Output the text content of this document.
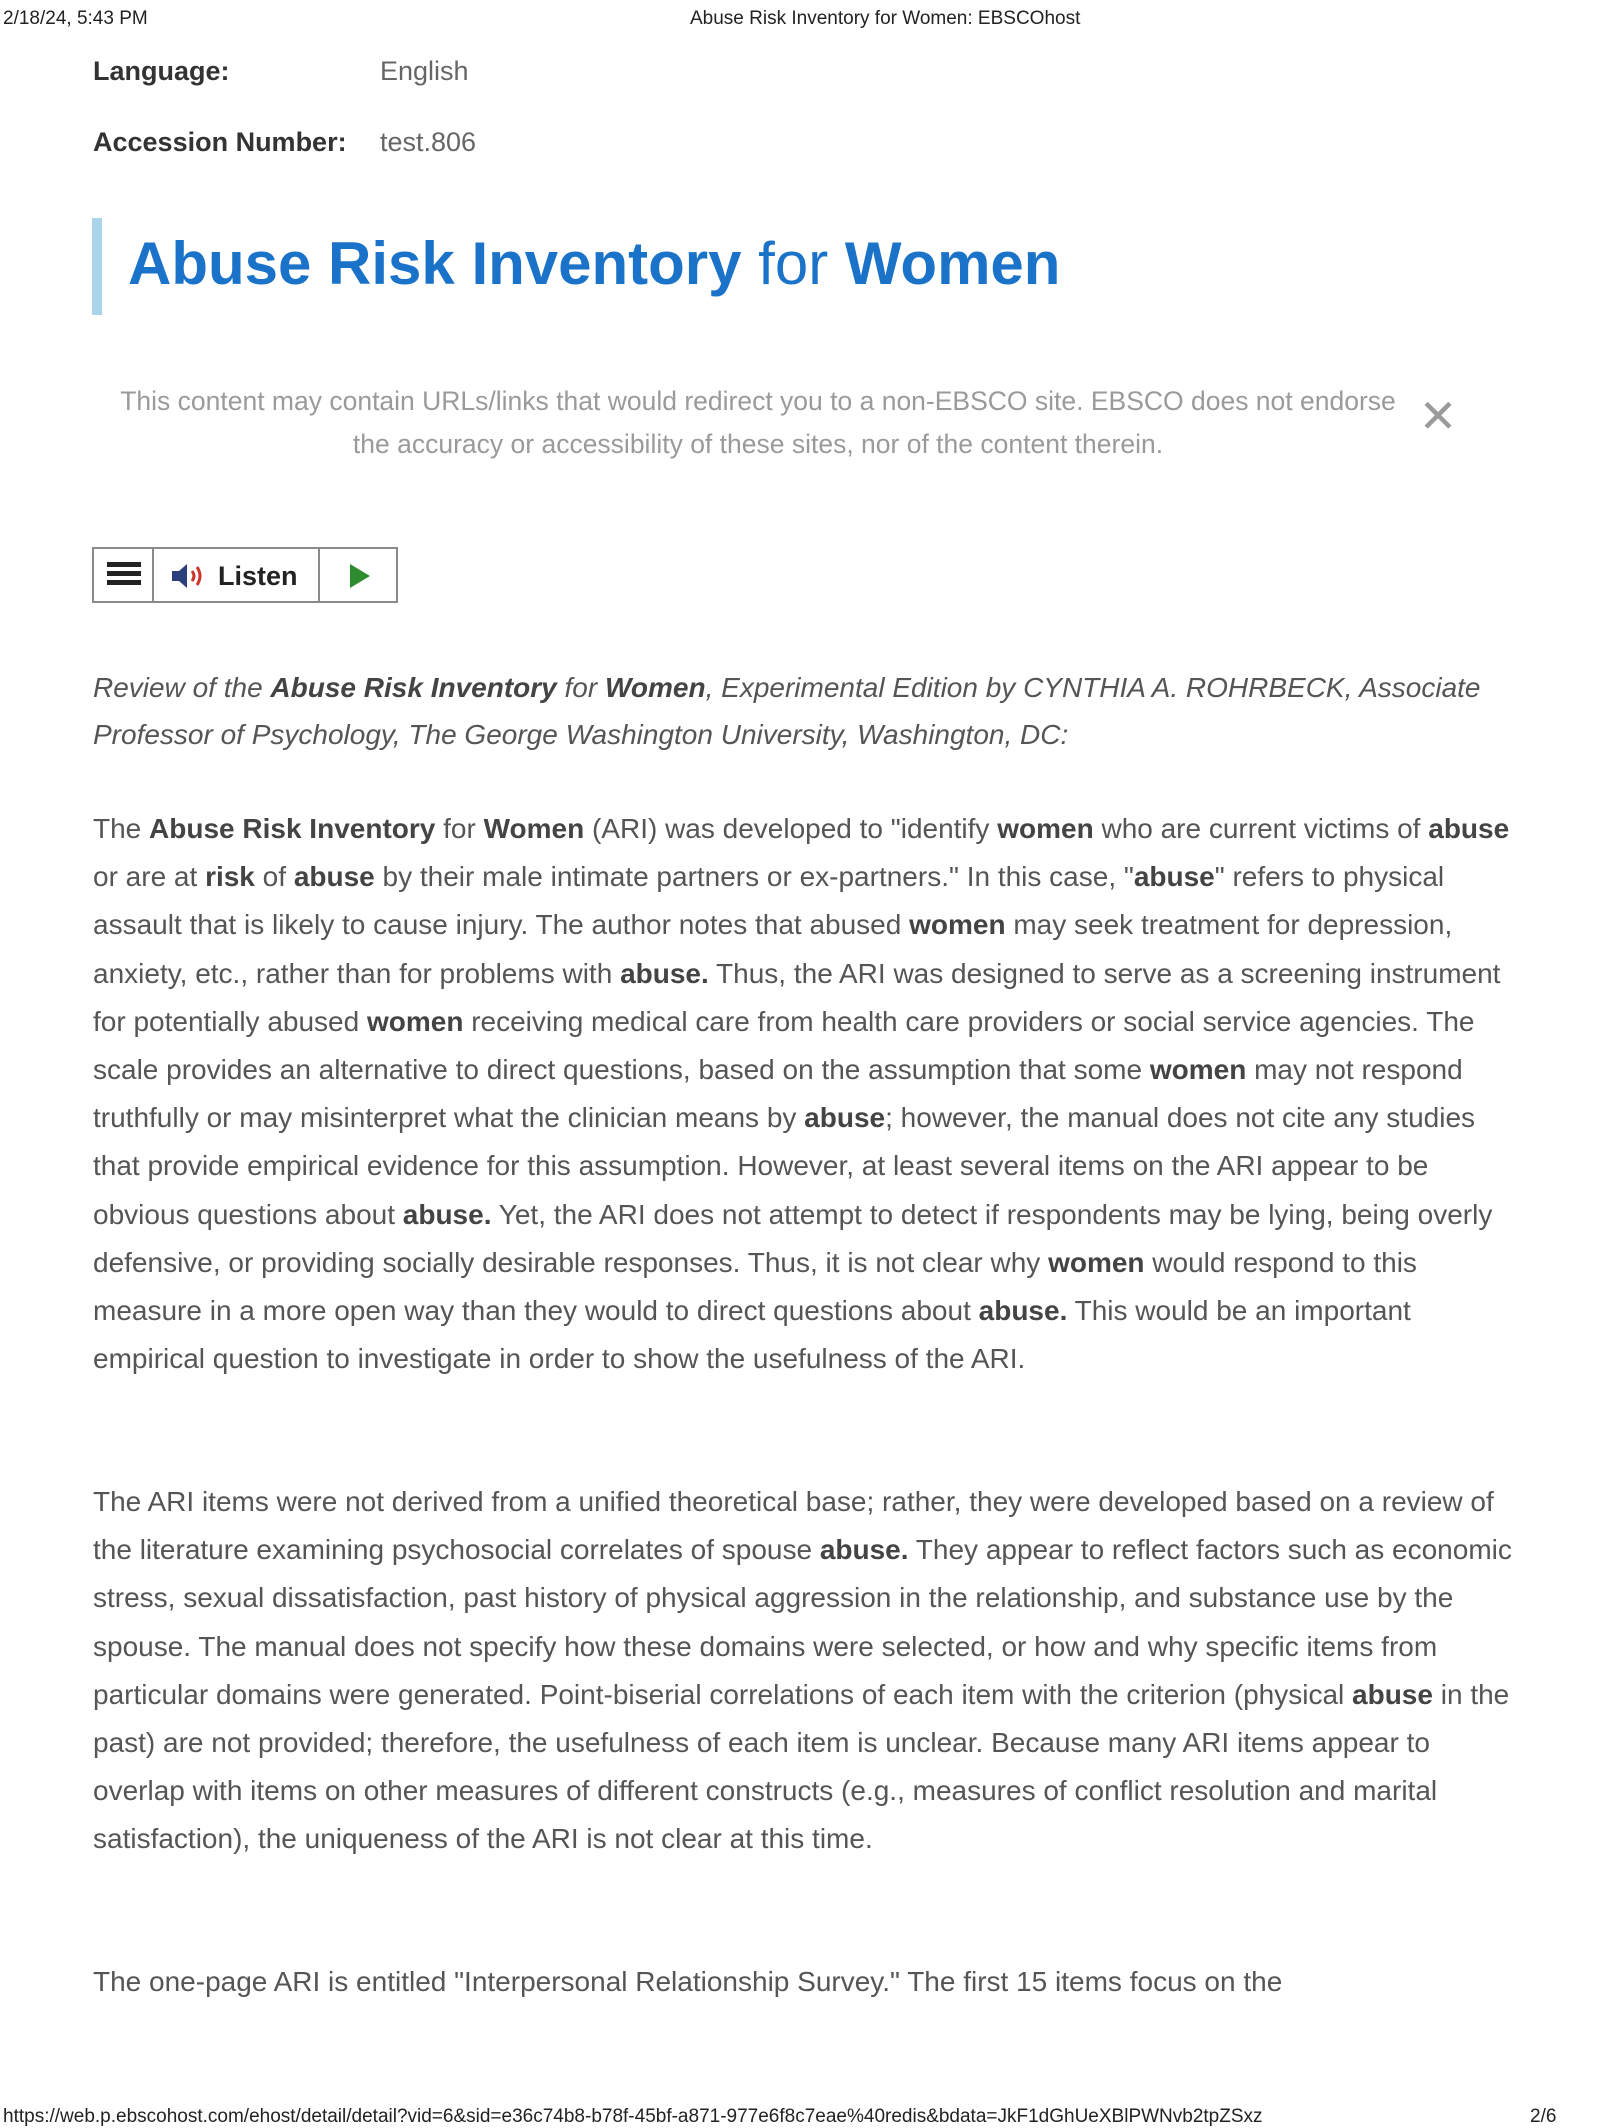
2/18/24, 5:43 PM	Abuse Risk Inventory for Women: EBSCOhost
Language:	English
Accession Number: test.806
Abuse Risk Inventory for Women
This content may contain URLs/links that would redirect you to a non-EBSCO site. EBSCO does not endorse the accuracy or accessibility of these sites, nor of the content therein.
✕
Listen

Review of the Abuse Risk Inventory for Women, Experimental Edition by CYNTHIA A. ROHRBECK, Associate Professor of Psychology, The George Washington University, Washington, DC:

The Abuse Risk Inventory for Women (ARI) was developed to "identify women who are current victims of abuse or are at risk of abuse by their male intimate partners or ex-partners." In this case, "abuse" refers to physical assault that is likely to cause injury. The author notes that abused women may seek treatment for depression, anxiety, etc., rather than for problems with abuse. Thus, the ARI was designed to serve as a screening instrument for potentially abused women receiving medical care from health care providers or social service agencies. The scale provides an alternative to direct questions, based on the assumption that some women may not respond truthfully or may misinterpret what the clinician means by abuse; however, the manual does not cite any studies that provide empirical evidence for this assumption. However, at least several items on the ARI appear to be obvious questions about abuse. Yet, the ARI does not attempt to detect if respondents may be lying, being overly defensive, or providing socially desirable responses. Thus, it is not clear why women would respond to this measure in a more open way than they would to direct questions about abuse. This would be an important empirical question to investigate in order to show the usefulness of the ARI.

The ARI items were not derived from a unified theoretical base; rather, they were developed based on a review of the literature examining psychosocial correlates of spouse abuse. They appear to reflect factors such as economic stress, sexual dissatisfaction, past history of physical aggression in the relationship, and substance use by the spouse. The manual does not specify how these domains were selected, or how and why specific items from particular domains were generated. Point-biserial correlations of each item with the criterion (physical abuse in the past) are not provided; therefore, the usefulness of each item is unclear. Because many ARI items appear to overlap with items on other measures of different constructs (e.g., measures of conflict resolution and marital satisfaction), the uniqueness of the ARI is not clear at this time.

The one-page ARI is entitled "Interpersonal Relationship Survey." The first 15 items focus on the

https://web.p.ebscohost.com/ehost/detail/detail?vid=6&sid=e36c74b8-b78f-45bf-a871-977e6f8c7eae%40redis&bdata=JkF1dGhUeXBlPWNvb2tpZSxz	2/6
